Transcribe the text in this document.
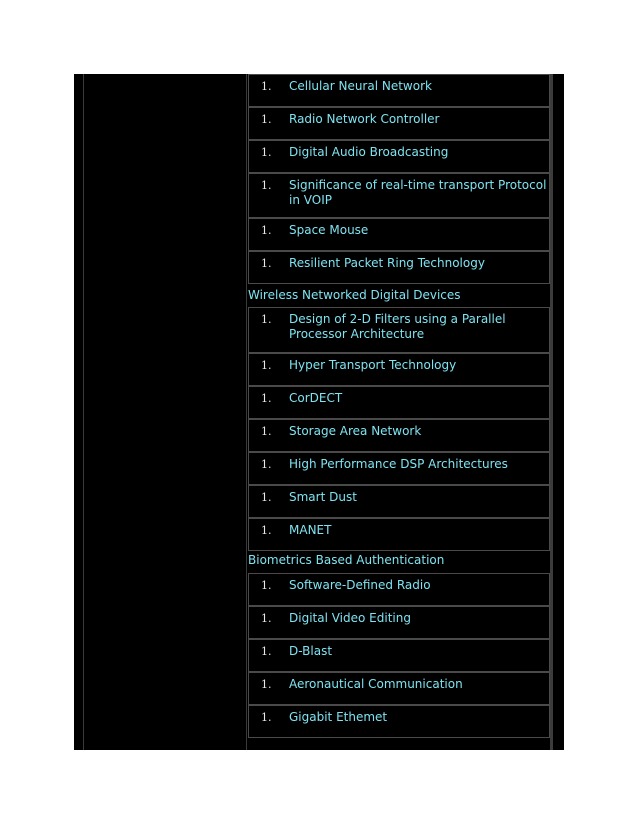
1.	Cellular Neural Network
1.	Radio Network Controller
1.	Digital Audio Broadcasting
1.	Significance of real-time transport Protocol in VOIP
1.	Space Mouse
1.	Resilient Packet Ring Technology
Wireless Networked Digital Devices
1.	Design of 2-D Filters using a Parallel Processor Architecture
1.	Hyper Transport Technology
1.	CorDECT
1.	Storage Area Network
1.	High Performance DSP Architectures
1.	Smart Dust
1.	MANET
Biometrics Based Authentication
1.	Software-Defined Radio
1.	Digital Video Editing
1.	D-Blast
1.	Aeronautical Communication
1.	Gigabit Ethemet
